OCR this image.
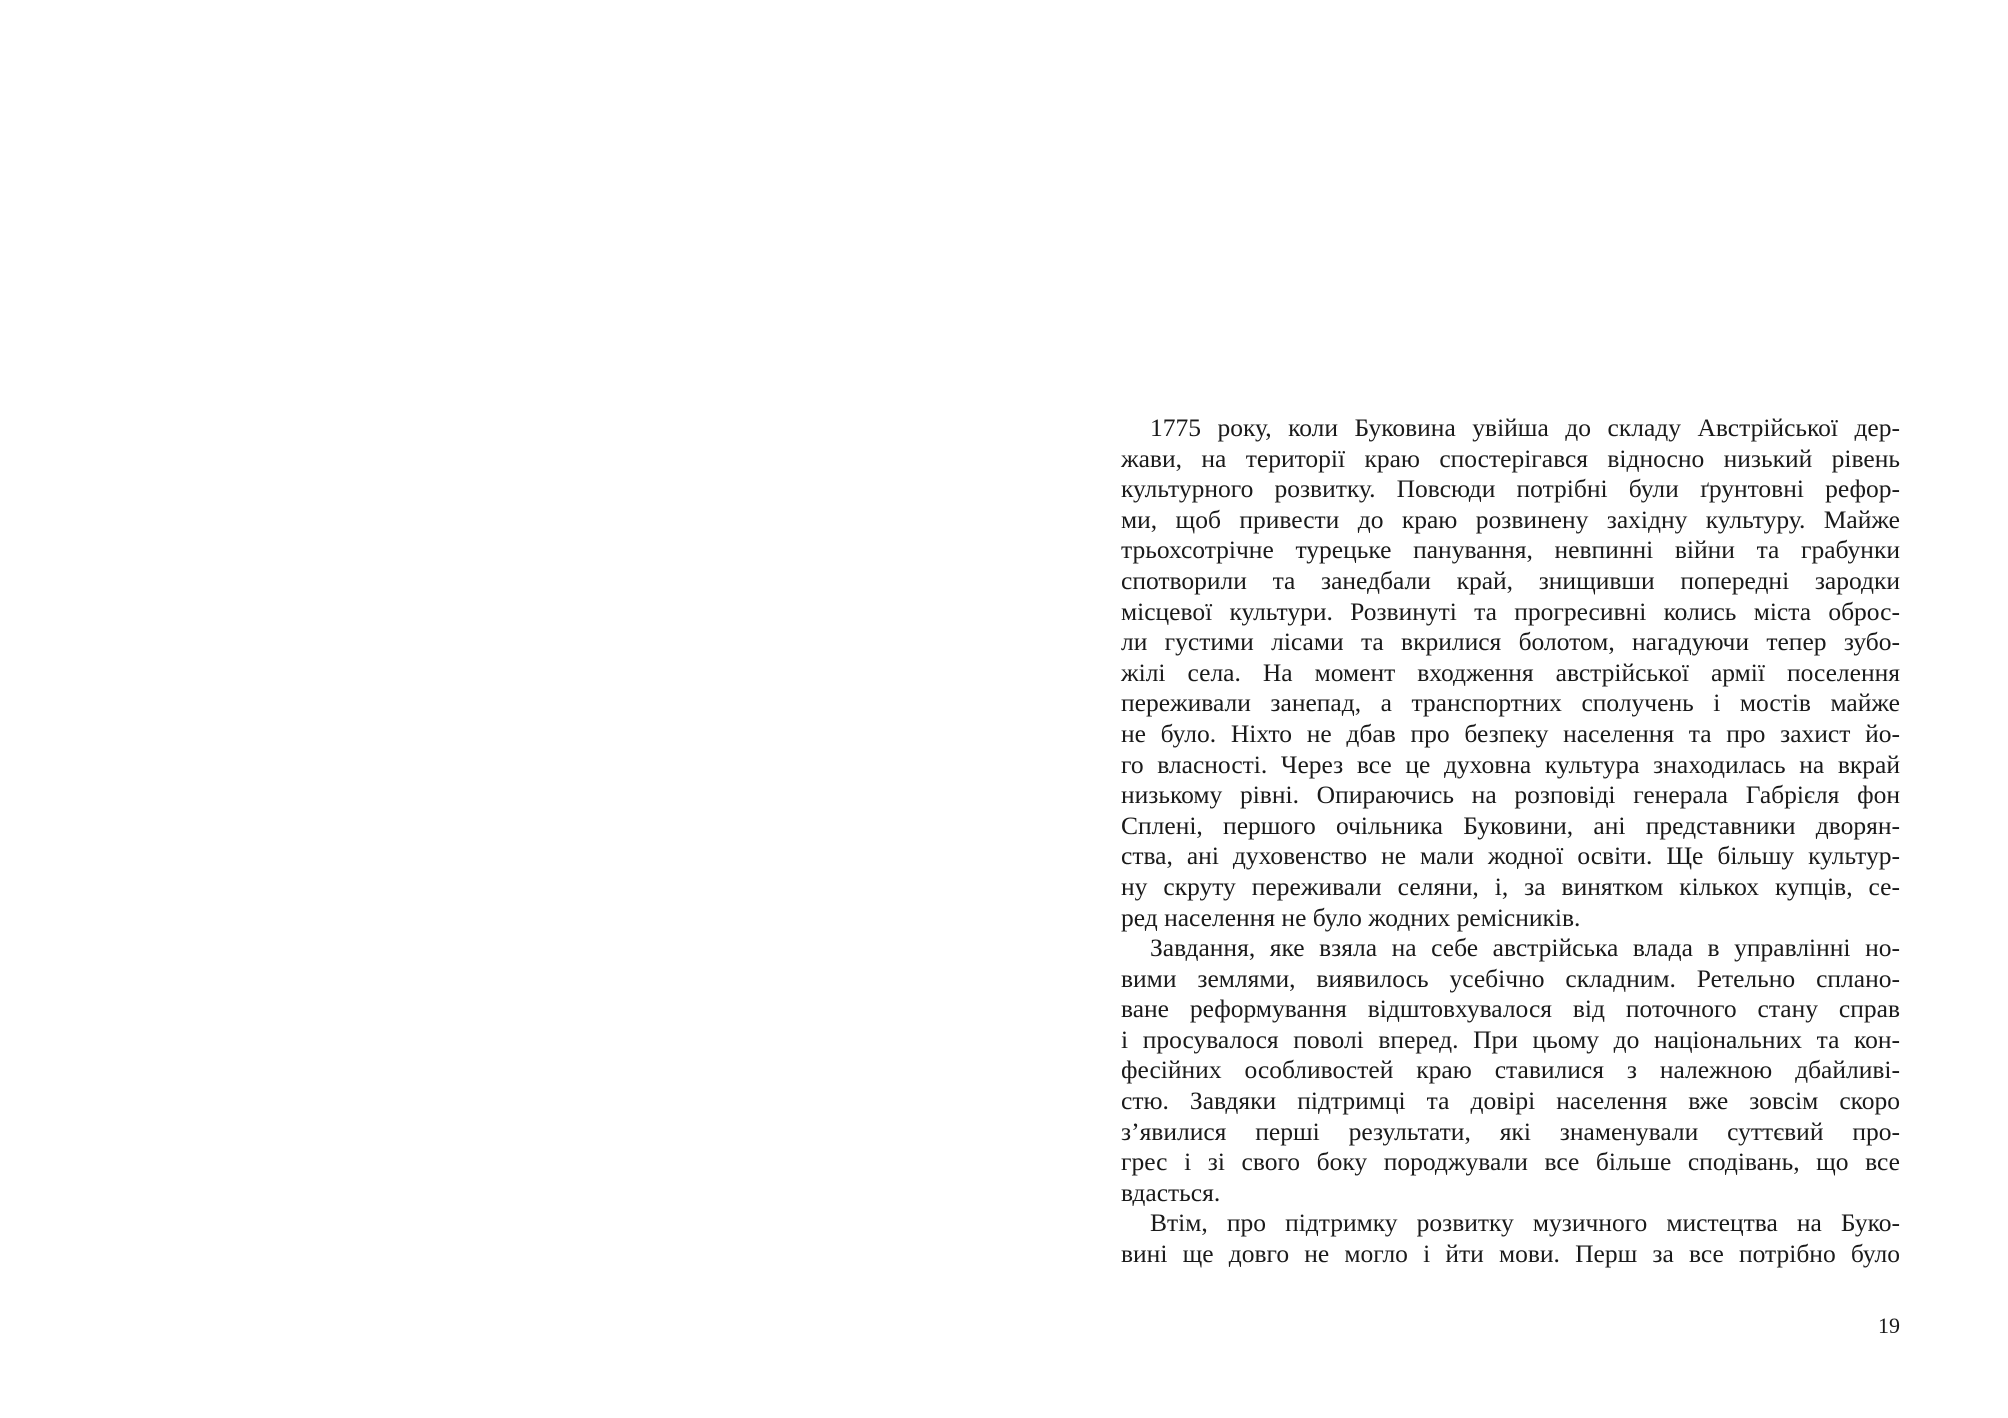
1775 року, коли Буковина увійша до складу Австрійської дер-
жави, на території краю спостерігався відносно низький рівень
культурного розвитку. Повсюди потрібні були ґрунтовні рефор-
ми, щоб привести до краю розвинену західну культуру. Майже
трьохсотрічне турецьке панування, невпинні війни та грабунки
спотворили та занедбали край, знищивши попередні зародки
місцевої культури. Розвинуті та прогресивні колись міста оброс-
ли густими лісами та вкрилися болотом, нагадуючи тепер зубо-
жілі села. На момент входження австрійської армії поселення
переживали занепад, а транспортних сполучень і мостів майже
не було. Ніхто не дбав про безпеку населення та про захист йо-
го власності. Через все це духовна культура знаходилась на вкрай
низькому рівні. Опираючись на розповіді генерала Габрієля фон
Сплені, першого очільника Буковини, ані представники дворян-
ства, ані духовенство не мали жодної освіти. Ще більшу культур-
ну скруту переживали селяни, і, за винятком кількох купців, се-
ред населення не було жодних ремісників.
Завдання, яке взяла на себе австрійська влада в управлінні но-
вими землями, виявилось усебічно складним. Ретельно сплано-
ване реформування відштовхувалося від поточного стану справ
і просувалося поволі вперед. При цьому до національних та кон-
фесійних особливостей краю ставилися з належною дбайливі-
стю. Завдяки підтримці та довірі населення вже зовсім скоро
з’явилися перші результати, які знаменували суттєвий про-
грес і зі свого боку породжували все більше сподівань, що все
вдасться.
Втім, про підтримку розвитку музичного мистецтва на Буко-
вині ще довго не могло і йти мови. Перш за все потрібно було
19
